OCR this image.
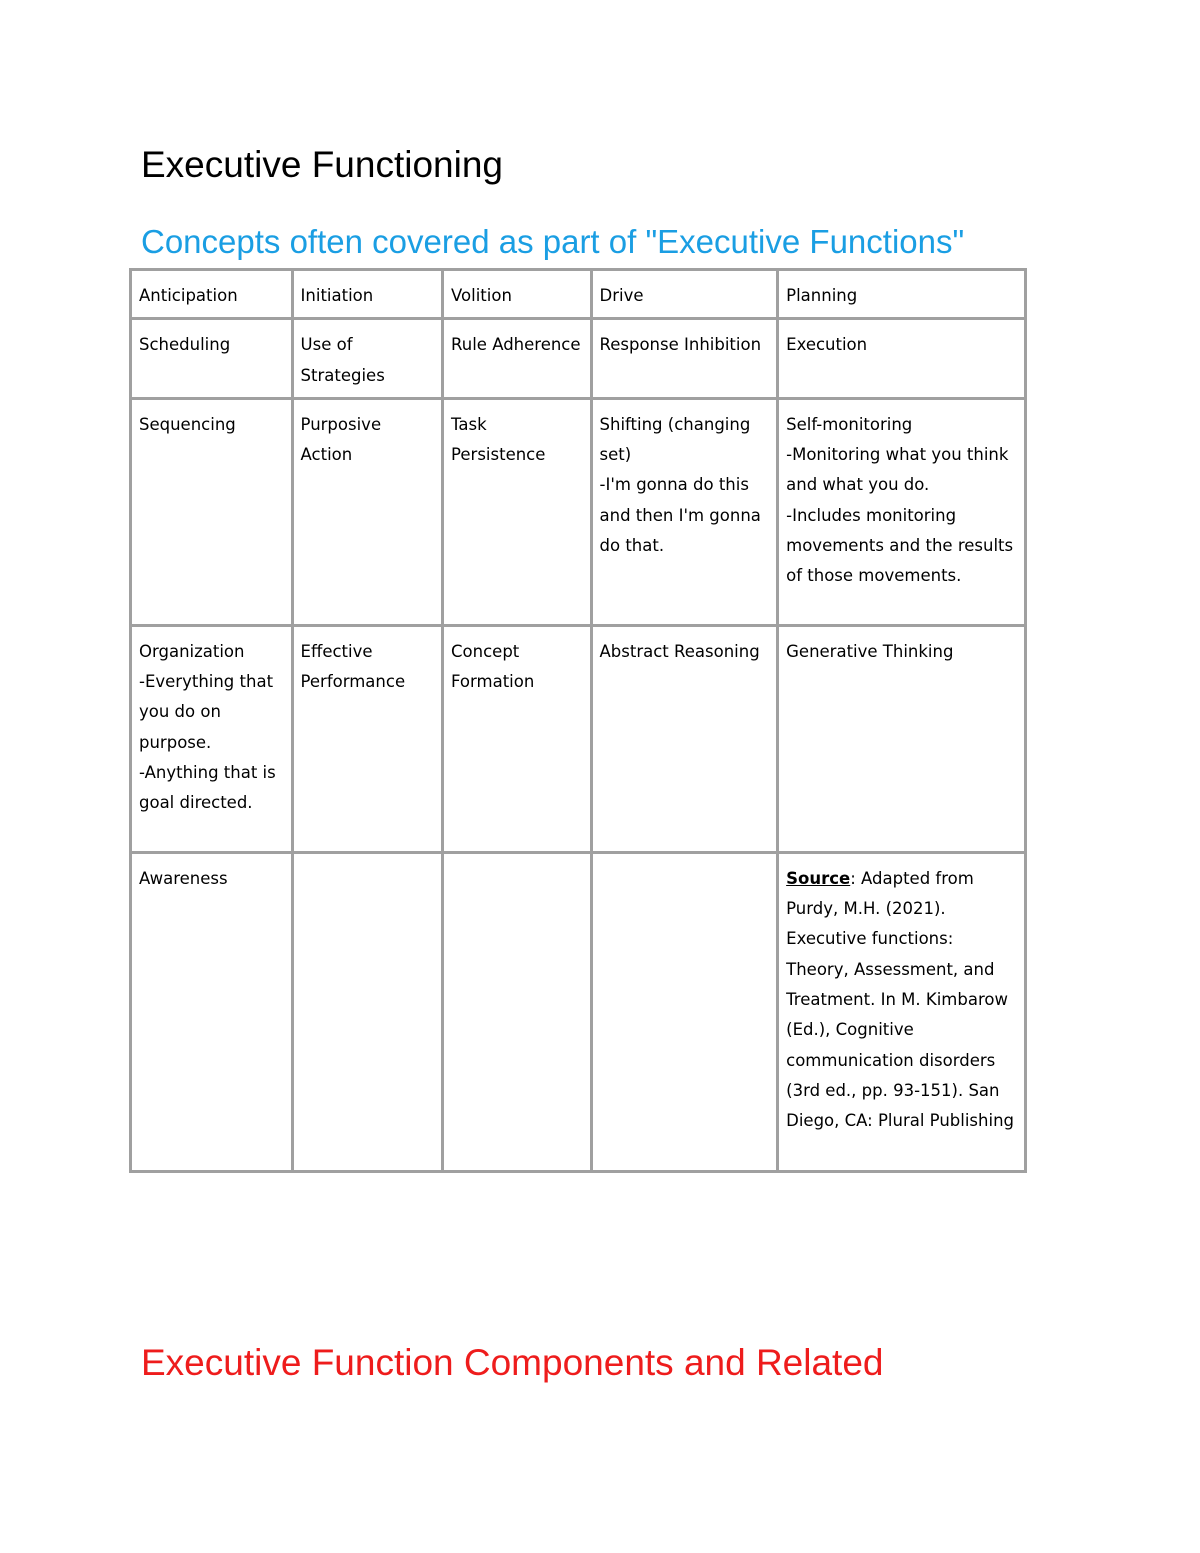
Executive Functioning
Concepts often covered as part of "Executive Functions"
Anticipation	Initiation	Volition	Drive	Planning

Scheduling	Use of Strategies	Rule Adherence	Response Inhibition	Execution

Sequencing	Purposive Action	Task Persistence	Shifting (changing set)
-I'm gonna do this and then I'm gonna do that.	Self-monitoring
-Monitoring what you think and what you do.
-Includes monitoring movements and the results of those movements.

Organization
-Everything that you do on purpose.
-Anything that is goal directed.	Effective Performance	Concept Formation	Abstract Reasoning	Generative Thinking

Awareness				Source: Adapted from Purdy, M.H. (2021). Executive functions: Theory, Assessment, and Treatment. In M. Kimbarow (Ed.), Cognitive communication disorders (3rd ed., pp. 93-151). San Diego, CA: Plural Publishing
Executive Function Components and Related
